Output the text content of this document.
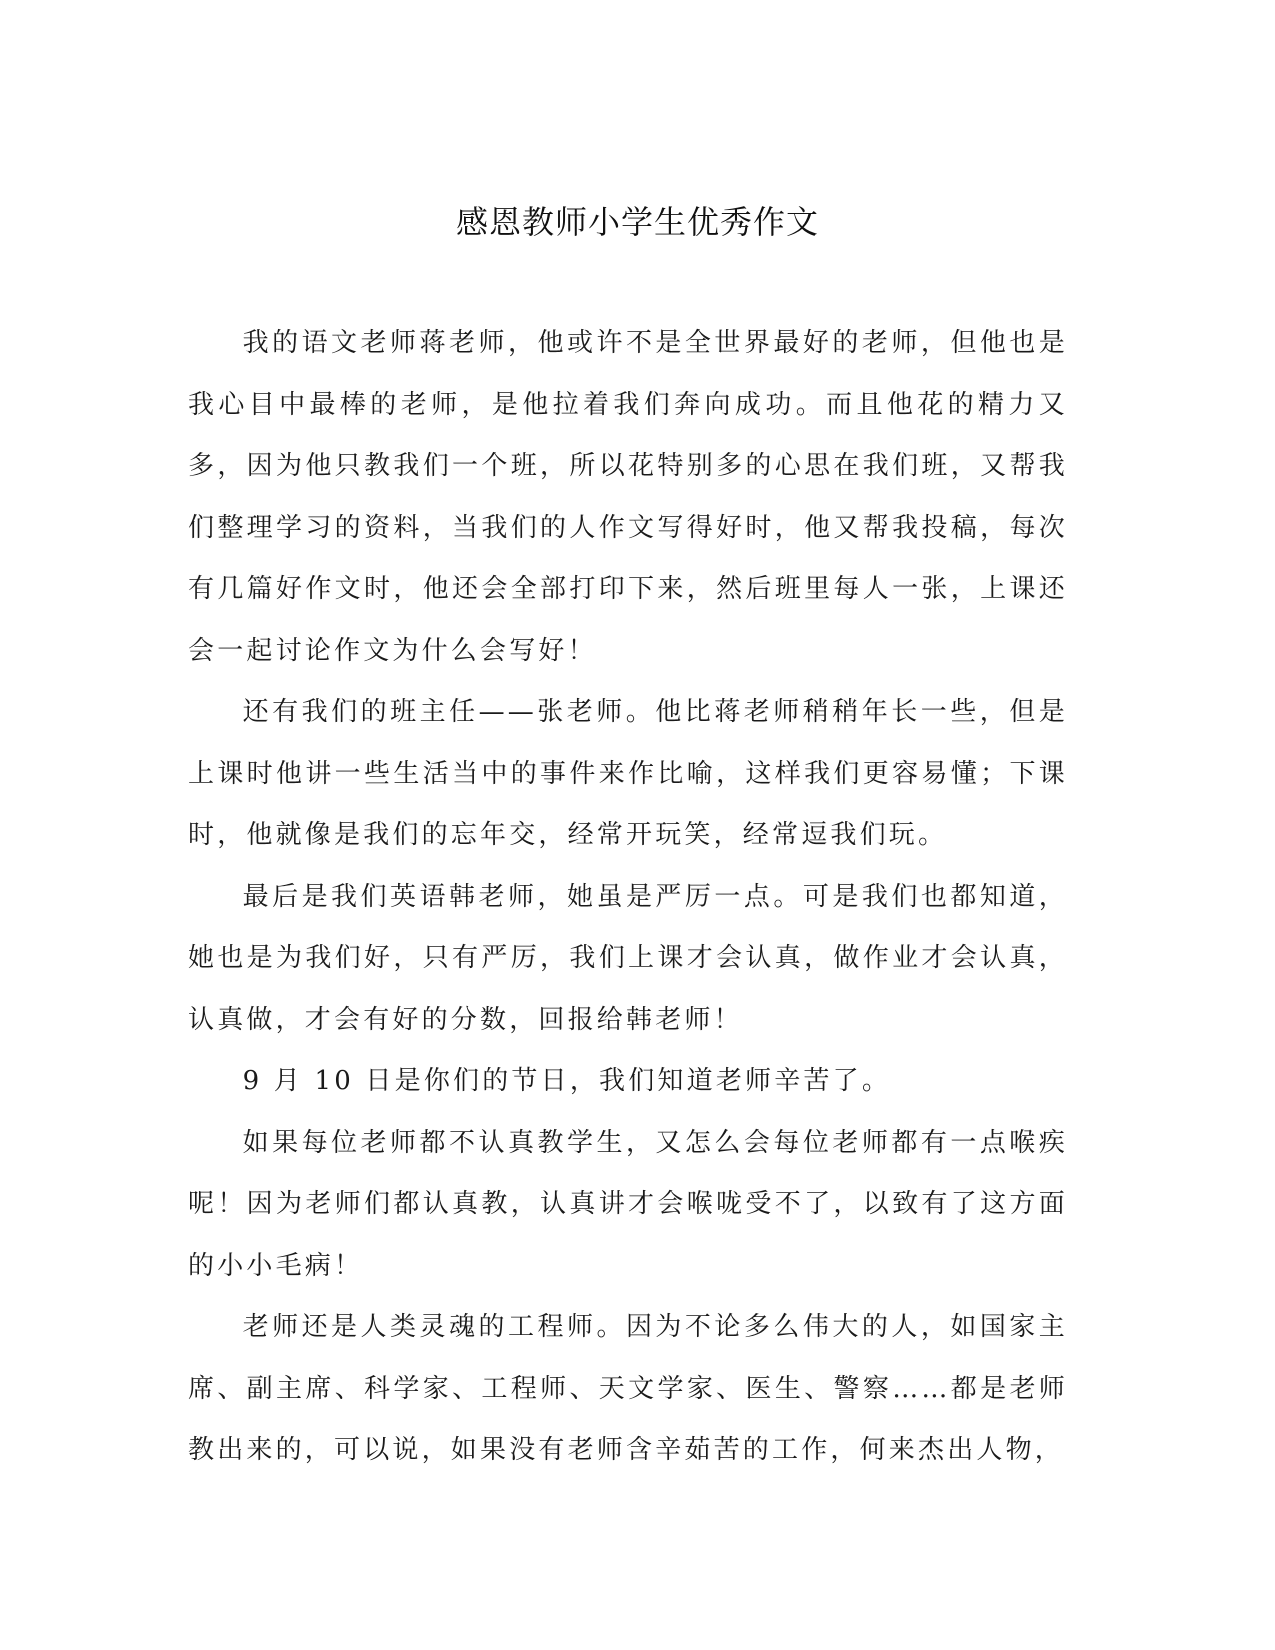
感恩教师小学生优秀作文

我的语文老师蒋老师，他或许不是全世界最好的老师，但他也是我心目中最棒的老师，是他拉着我们奔向成功。而且他花的精力又多，因为他只教我们一个班，所以花特别多的心思在我们班，又帮我们整理学习的资料，当我们的人作文写得好时，他又帮我投稿，每次有几篇好作文时，他还会全部打印下来，然后班里每人一张，上课还会一起讨论作文为什么会写好！

还有我们的班主任——张老师。他比蒋老师稍稍年长一些，但是上课时他讲一些生活当中的事件来作比喻，这样我们更容易懂；下课时，他就像是我们的忘年交，经常开玩笑，经常逗我们玩。

最后是我们英语韩老师，她虽是严厉一点。可是我们也都知道，她也是为我们好，只有严厉，我们上课才会认真，做作业才会认真，认真做，才会有好的分数，回报给韩老师！

9 月 10 日是你们的节日，我们知道老师辛苦了。

如果每位老师都不认真教学生，又怎么会每位老师都有一点喉疾呢！因为老师们都认真教，认真讲才会喉咙受不了，以致有了这方面的小小毛病！

老师还是人类灵魂的工程师。因为不论多么伟大的人，如国家主席、副主席、科学家、工程师、天文学家、医生、警察……都是老师教出来的，可以说，如果没有老师含辛茹苦的工作，何来杰出人物，
